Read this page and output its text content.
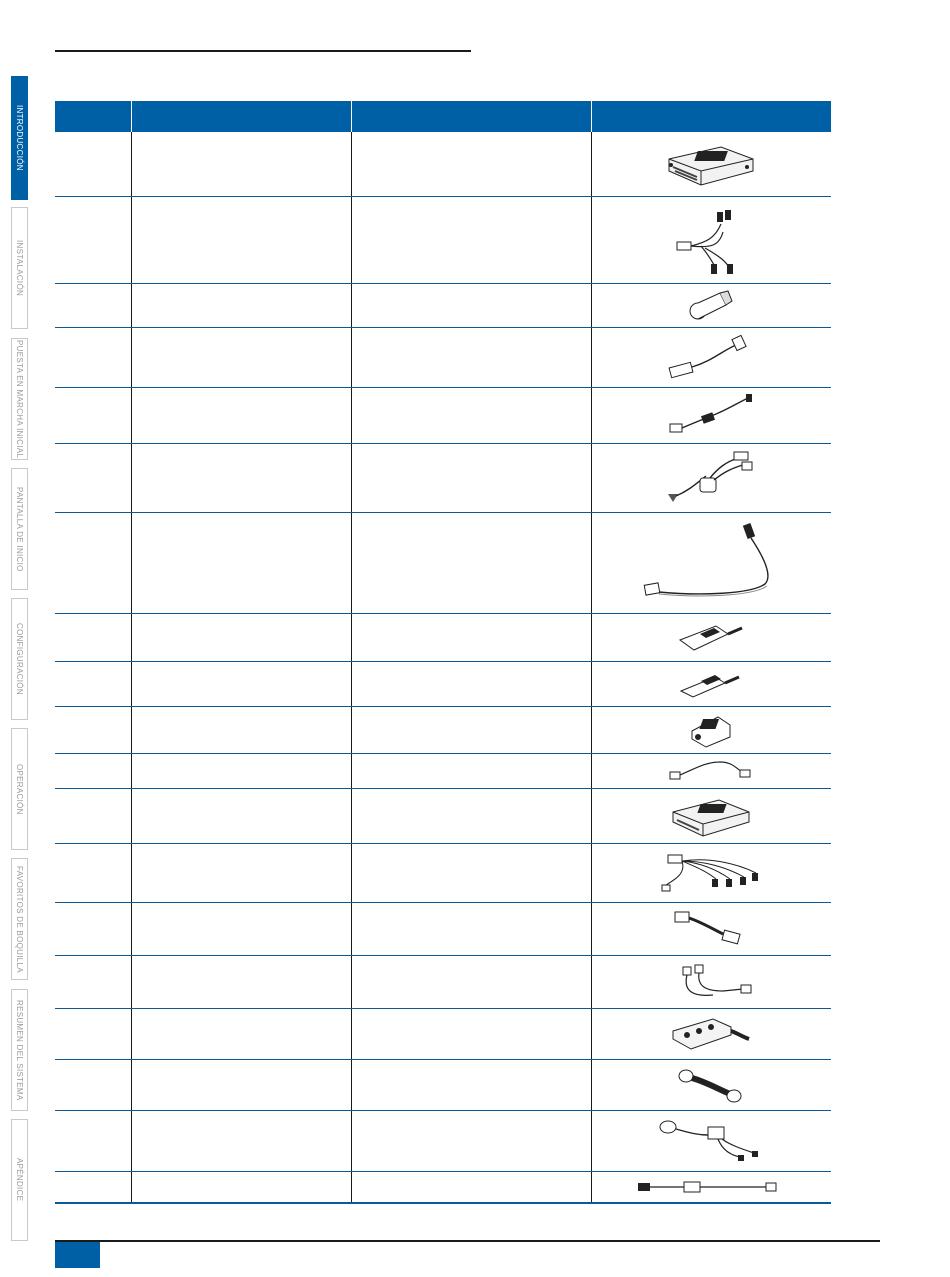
INTRODUCCIÓN
INSTALACIÓN
PUESTA EN MARCHA INICIAL
PANTALLA DE INICIO
CONFIGURACIÓN
OPERACIÓN
FAVORITOS DE BOQUILLA
RESUMEN DEL SISTEMA
APÉNDICE
